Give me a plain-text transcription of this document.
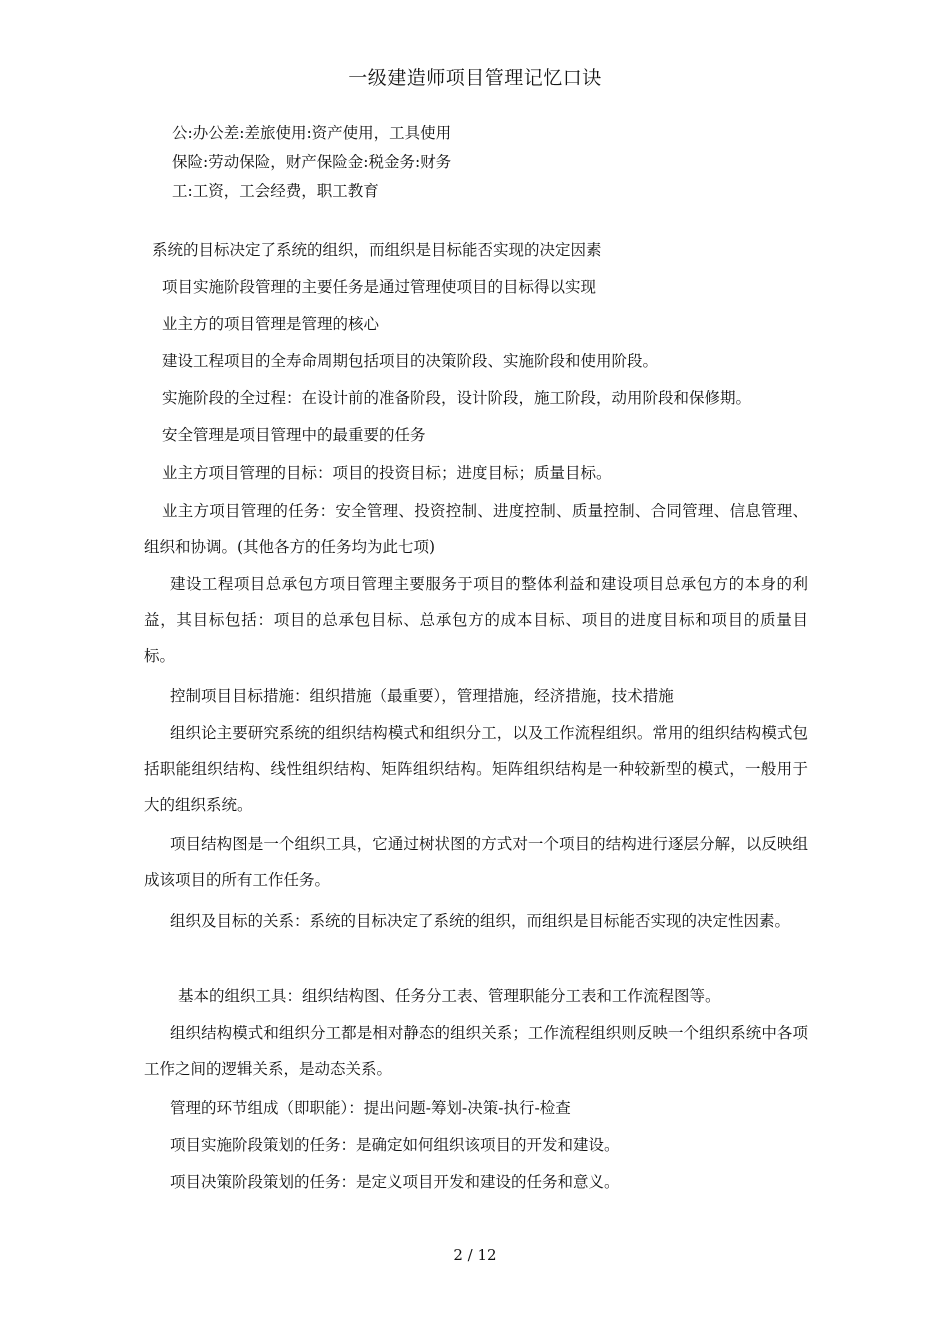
一级建造师项目管理记忆口诀
公:办公差:差旅使用:资产使用，工具使用
保险:劳动保险，财产保险金:税金务:财务
工:工资，工会经费，职工教育
系统的目标决定了系统的组织，而组织是目标能否实现的决定因素
项目实施阶段管理的主要任务是通过管理使项目的目标得以实现
业主方的项目管理是管理的核心
建设工程项目的全寿命周期包括项目的决策阶段、实施阶段和使用阶段。
实施阶段的全过程：在设计前的准备阶段，设计阶段，施工阶段，动用阶段和保修期。
安全管理是项目管理中的最重要的任务
业主方项目管理的目标：项目的投资目标；进度目标；质量目标。
业主方项目管理的任务：安全管理、投资控制、进度控制、质量控制、合同管理、信息管理、组织和协调。(其他各方的任务均为此七项)
建设工程项目总承包方项目管理主要服务于项目的整体利益和建设项目总承包方的本身的利益，其目标包括：项目的总承包目标、总承包方的成本目标、项目的进度目标和项目的质量目标。
控制项目目标措施：组织措施（最重要），管理措施，经济措施，技术措施
组织论主要研究系统的组织结构模式和组织分工，以及工作流程组织。常用的组织结构模式包括职能组织结构、线性组织结构、矩阵组织结构。矩阵组织结构是一种较新型的模式，一般用于大的组织系统。
项目结构图是一个组织工具，它通过树状图的方式对一个项目的结构进行逐层分解，以反映组成该项目的所有工作任务。
组织及目标的关系：系统的目标决定了系统的组织，而组织是目标能否实现的决定性因素。
基本的组织工具：组织结构图、任务分工表、管理职能分工表和工作流程图等。
组织结构模式和组织分工都是相对静态的组织关系；工作流程组织则反映一个组织系统中各项工作之间的逻辑关系，是动态关系。
管理的环节组成（即职能）：提出问题-筹划-决策-执行-检查
项目实施阶段策划的任务：是确定如何组织该项目的开发和建设。
项目决策阶段策划的任务：是定义项目开发和建设的任务和意义。
2 / 12
